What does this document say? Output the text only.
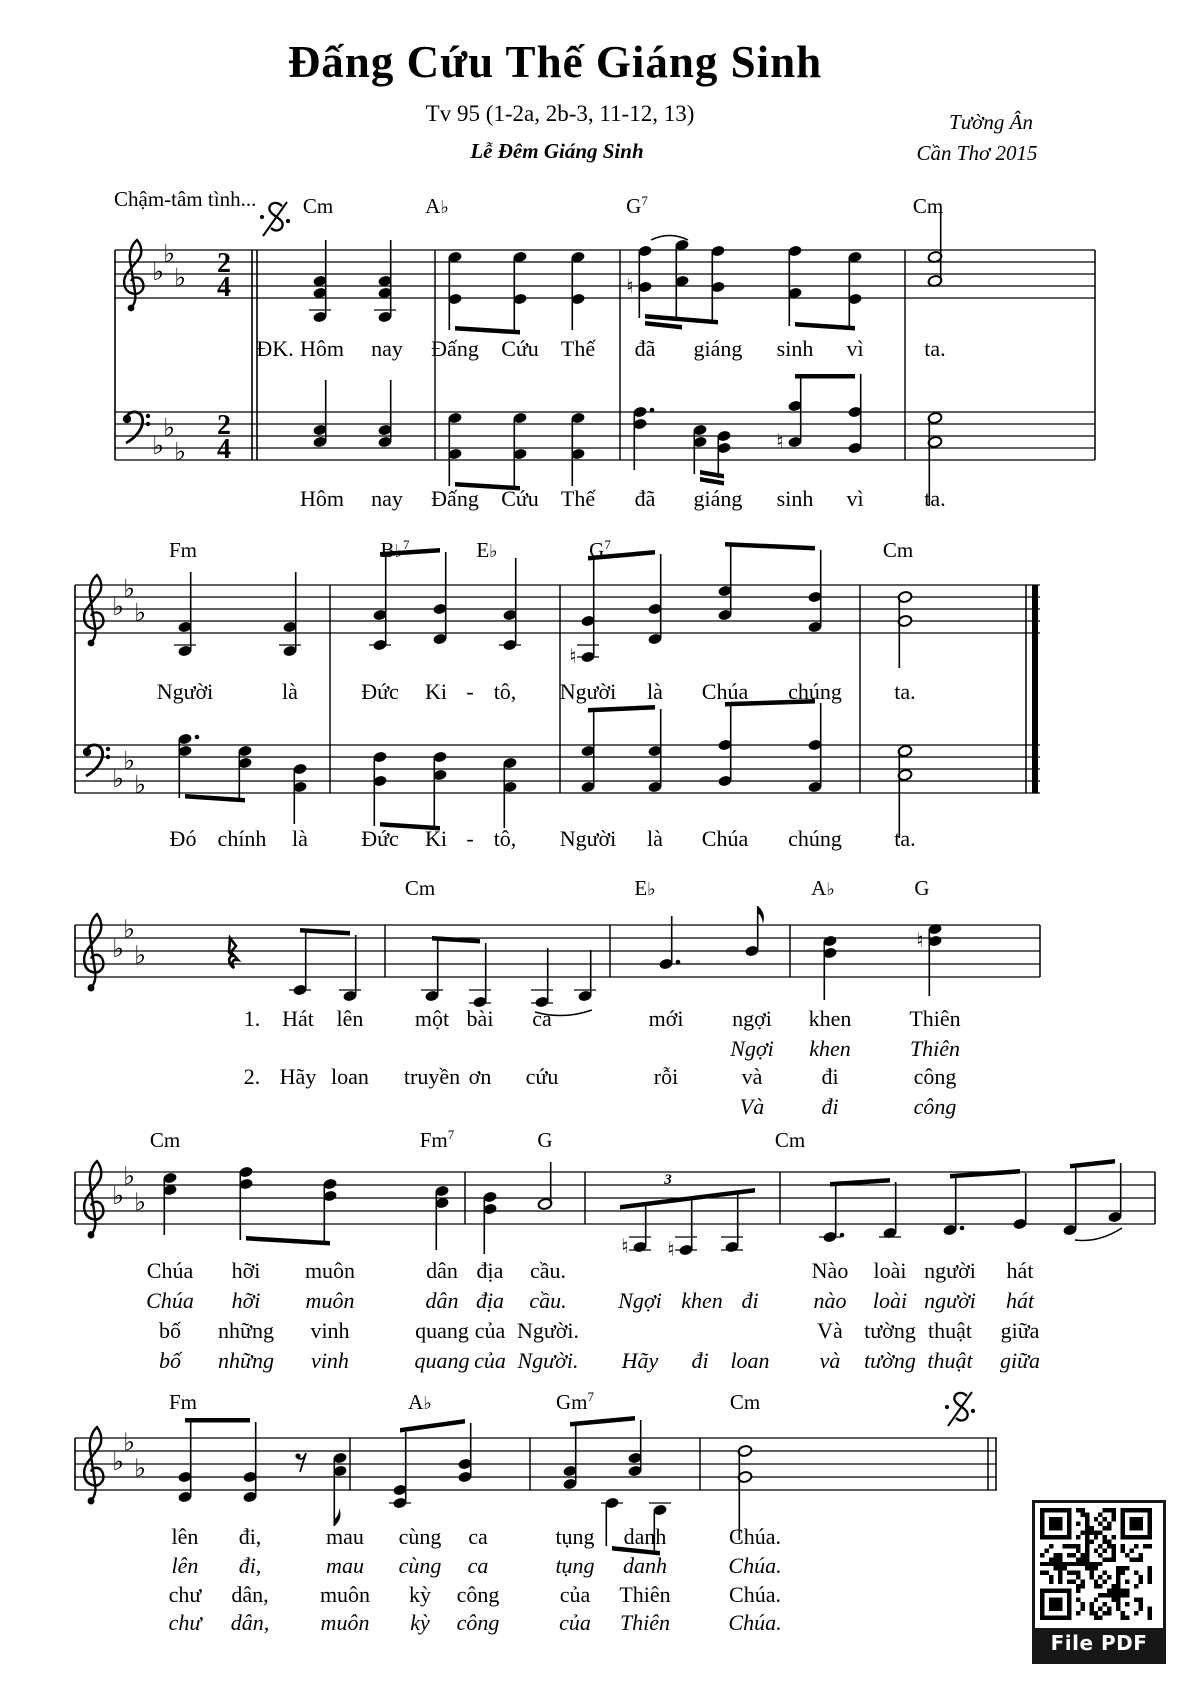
Đấng Cứu Thế Giáng Sinh
Tv 95 (1-2a, 2b-3, 11-12, 13)
Lễ Đêm Giáng Sinh
Tường Ân
Cần Thơ 2015
Chậm-tâm tình...
♭
♭
♭ 2
4	♮
♭
♭
♭
2
4	♮
♭
♭
♭
♮
♭
♭
♭
♭
♭
♭
♮
♭
♭
♭
♮ ♮
3
♭
♭
♭
File PDF
ĐK. Hôm nay Đấng Cứu Thế đã giáng sinh vì	ta.
Hôm nay Đấng Cứu Thế đã giáng sinh vì	ta.
Người	là	Đức Ki - tô, Người là Chúa chúng ta.
Đó chính là Đức Ki - tô, Người là Chúa chúng ta.
1. Hát lên một bài ca	mới ngợi khen	Thiên
Ngợi khen	Thiên
2. Hãy loan truyền ơn cứu	rỗi	và	đi	công
Và	đi	công
Chúa hỡi muôn	dân địa cầu.	Nào loài người hát
Chúa hỡi muôn	dân địa cầu. Ngợi khen đi nào loài người hát
bố những vinh	quang của Người.	Và tường thuật giữa
bố những vinh	quang của Người. Hãy đi loan và tường thuật giữa
lên đi,	mau cùng ca	tụng danh	Chúa.
lên đi,	mau cùng ca	tụng danh	Chúa.
chư dân, muôn kỳ công	của Thiên	Chúa.
chư dân, muôn kỳ công	của Thiên	Chúa.
Cm	A♭	$G^7$	Cm
Fm	B♭$^7$	E♭	$G^7$	Cm
Cm	E♭	A♭	G
Cm	Fm$^7$	G	Cm
Fm	A♭	Gm$^7$	Cm
